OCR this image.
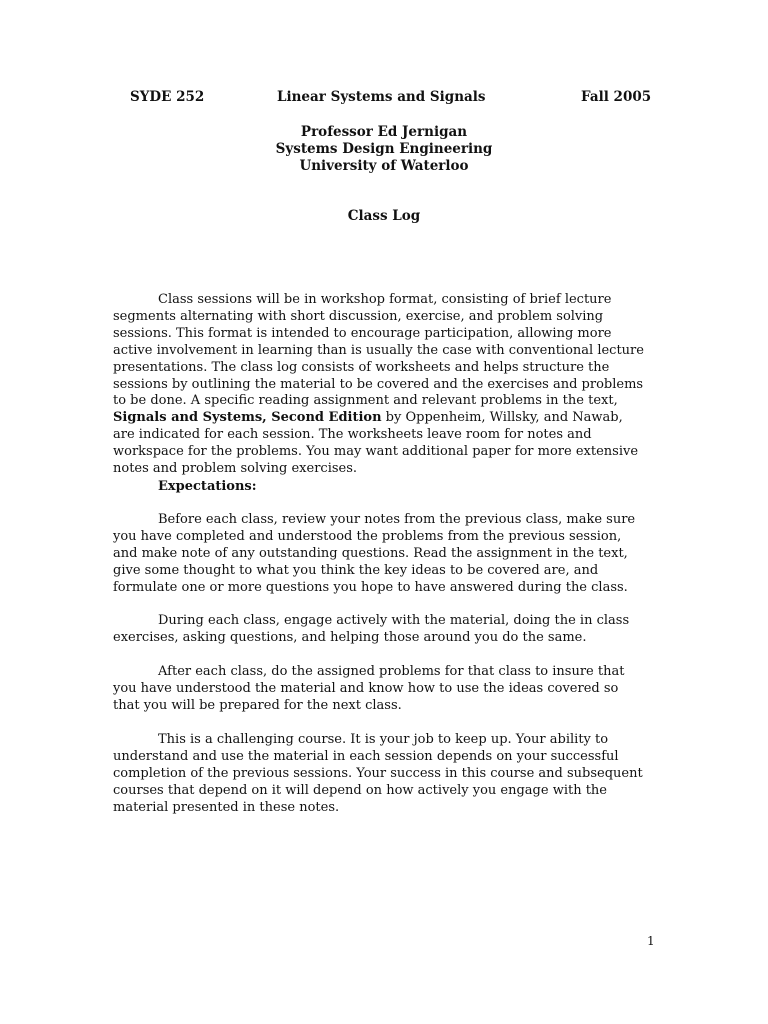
SYDE 252	Linear Systems and Signals	Fall 2005
Professor Ed Jernigan
Systems Design Engineering
University of Waterloo
Class Log

Class sessions will be in workshop format, consisting of brief lecture segments alternating with short discussion, exercise, and problem solving sessions. This format is intended to encourage participation, allowing more active involvement in learning than is usually the case with conventional lecture presentations. The class log consists of worksheets and helps structure the sessions by outlining the material to be covered and the exercises and problems to be done. A specific reading assignment and relevant problems in the text, Signals and Systems, Second Edition by Oppenheim, Willsky, and Nawab, are indicated for each session. The worksheets leave room for notes and workspace for the problems. You may want additional paper for more extensive notes and problem solving exercises.

Expectations:

Before each class, review your notes from the previous class, make sure you have completed and understood the problems from the previous session, and make note of any outstanding questions. Read the assignment in the text, give some thought to what you think the key ideas to be covered are, and formulate one or more questions you hope to have answered during the class.

During each class, engage actively with the material, doing the in class exercises, asking questions, and helping those around you do the same.

After each class, do the assigned problems for that class to insure that you have understood the material and know how to use the ideas covered so that you will be prepared for the next class.

This is a challenging course. It is your job to keep up. Your ability to understand and use the material in each session depends on your successful completion of the previous sessions. Your success in this course and subsequent courses that depend on it will depend on how actively you engage with the material presented in these notes.

1
